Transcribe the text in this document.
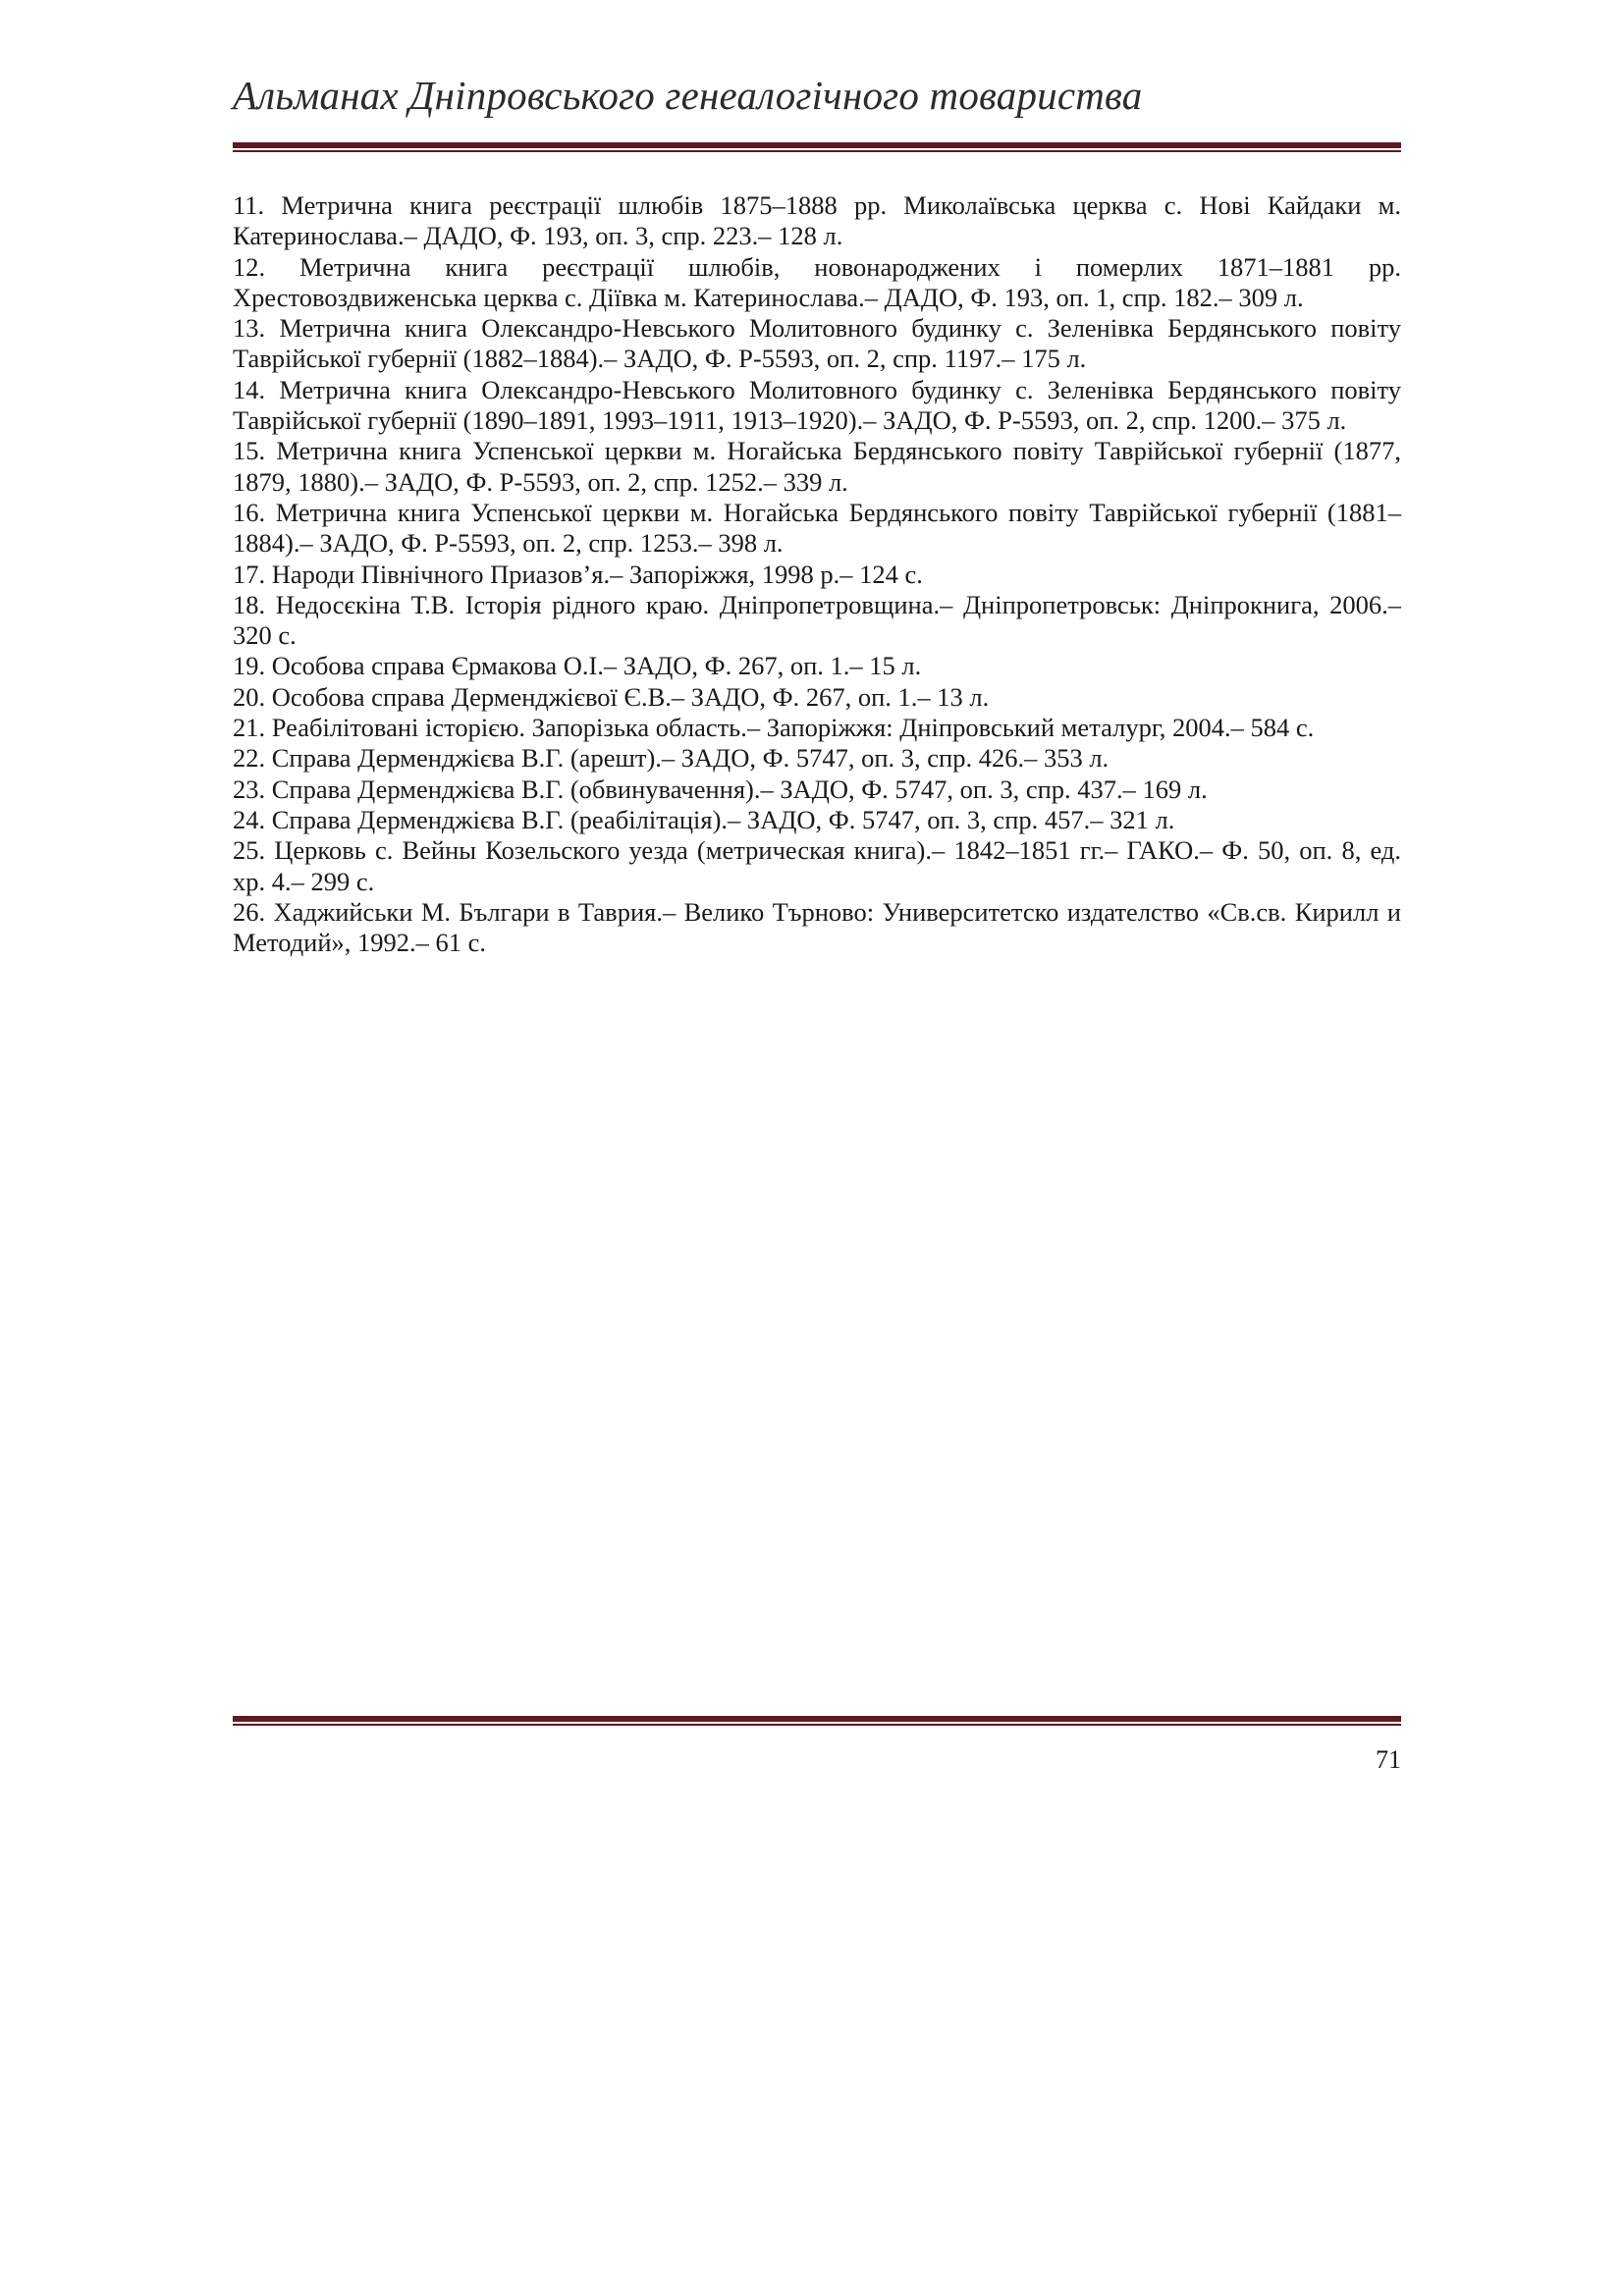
Альманах Дніпровського генеалогічного товариства
11. Метрична книга реєстрації шлюбів 1875–1888 рр. Миколаївська церква с. Нові Кайдаки м. Катеринослава.– ДАДО, Ф. 193, оп. 3, спр. 223.– 128 л.
12. Метрична книга реєстрації шлюбів, новонароджених і померлих 1871–1881 рр. Хрестовоздвиженська церква с. Діївка м. Катеринослава.– ДАДО, Ф. 193, оп. 1, спр. 182.– 309 л.
13. Метрична книга Олександро-Невського Молитовного будинку с. Зеленівка Бердянського повіту Таврійської губернії (1882–1884).– ЗАДО, Ф. Р-5593, оп. 2, спр. 1197.– 175 л.
14. Метрична книга Олександро-Невського Молитовного будинку с. Зеленівка Бердянського повіту Таврійської губернії (1890–1891, 1993–1911, 1913–1920).– ЗАДО, Ф. Р-5593, оп. 2, спр. 1200.– 375 л.
15. Метрична книга Успенської церкви м. Ногайська Бердянського повіту Таврійської губернії (1877, 1879, 1880).– ЗАДО, Ф. Р-5593, оп. 2, спр. 1252.– 339 л.
16. Метрична книга Успенської церкви м. Ногайська Бердянського повіту Таврійської губернії (1881–1884).– ЗАДО, Ф. Р-5593, оп. 2, спр. 1253.– 398 л.
17. Народи Північного Приазов’я.– Запоріжжя, 1998 р.– 124 с.
18. Недосєкіна Т.В. Історія рідного краю. Дніпропетровщина.– Дніпропетровськ: Дніпрокнига, 2006.– 320 с.
19. Особова справа Єрмакова О.І.– ЗАДО, Ф. 267, оп. 1.– 15 л.
20. Особова справа Дерменджієвої Є.В.– ЗАДО, Ф. 267, оп. 1.– 13 л.
21. Реабілітовані історією. Запорізька область.– Запоріжжя: Дніпровський металург, 2004.– 584 с.
22. Справа Дерменджієва В.Г. (арешт).– ЗАДО, Ф. 5747, оп. 3, спр. 426.– 353 л.
23. Справа Дерменджієва В.Г. (обвинувачення).– ЗАДО, Ф. 5747, оп. 3, спр. 437.– 169 л.
24. Справа Дерменджієва В.Г. (реабілітація).– ЗАДО, Ф. 5747, оп. 3, спр. 457.– 321 л.
25. Церковь с. Вейны Козельского уезда (метрическая книга).– 1842–1851 гг.– ГАКО.– Ф. 50, оп. 8, ед. хр. 4.– 299 с.
26. Хаджийськи М. Българи в Таврия.– Велико Търново: Университетско издателство «Св.св. Кирилл и Методий», 1992.– 61 с.
71
